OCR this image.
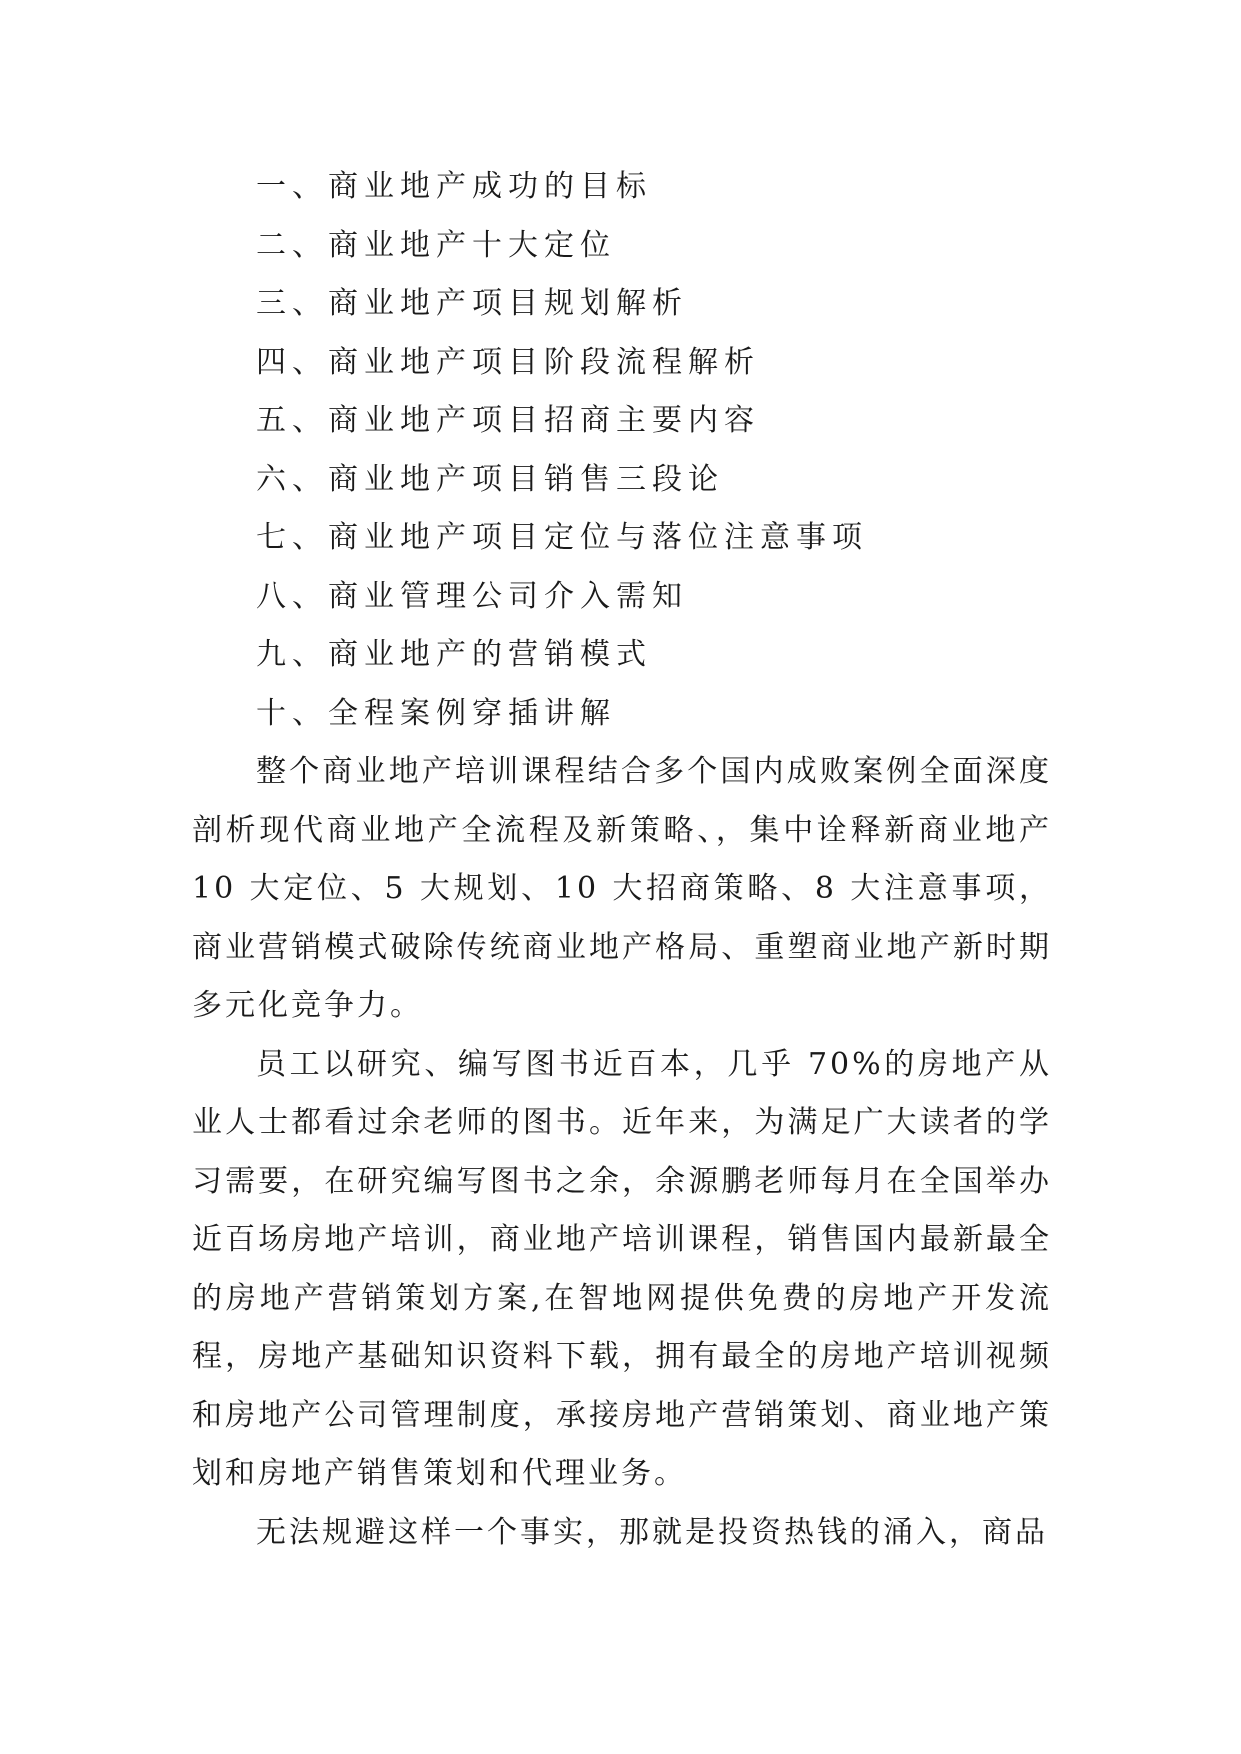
一、商业地产成功的目标
二、商业地产十大定位
三、商业地产项目规划解析
四、商业地产项目阶段流程解析
五、商业地产项目招商主要内容
六、商业地产项目销售三段论
七、商业地产项目定位与落位注意事项
八、商业管理公司介入需知
九、商业地产的营销模式
十、全程案例穿插讲解

整个商业地产培训课程结合多个国内成败案例全面深度剖析现代商业地产全流程及新策略、，集中诠释新商业地产 10 大定位、5 大规划、10 大招商策略、8 大注意事项，商业营销模式破除传统商业地产格局、重塑商业地产新时期多元化竞争力。

员工以研究、编写图书近百本，几乎 70%的房地产从业人士都看过余老师的图书。近年来，为满足广大读者的学习需要，在研究编写图书之余，余源鹏老师每月在全国举办近百场房地产培训，商业地产培训课程，销售国内最新最全的房地产营销策划方案,在智地网提供免费的房地产开发流程，房地产基础知识资料下载，拥有最全的房地产培训视频和房地产公司管理制度，承接房地产营销策划、商业地产策划和房地产销售策划和代理业务。

无法规避这样一个事实，那就是投资热钱的涌入，商品
